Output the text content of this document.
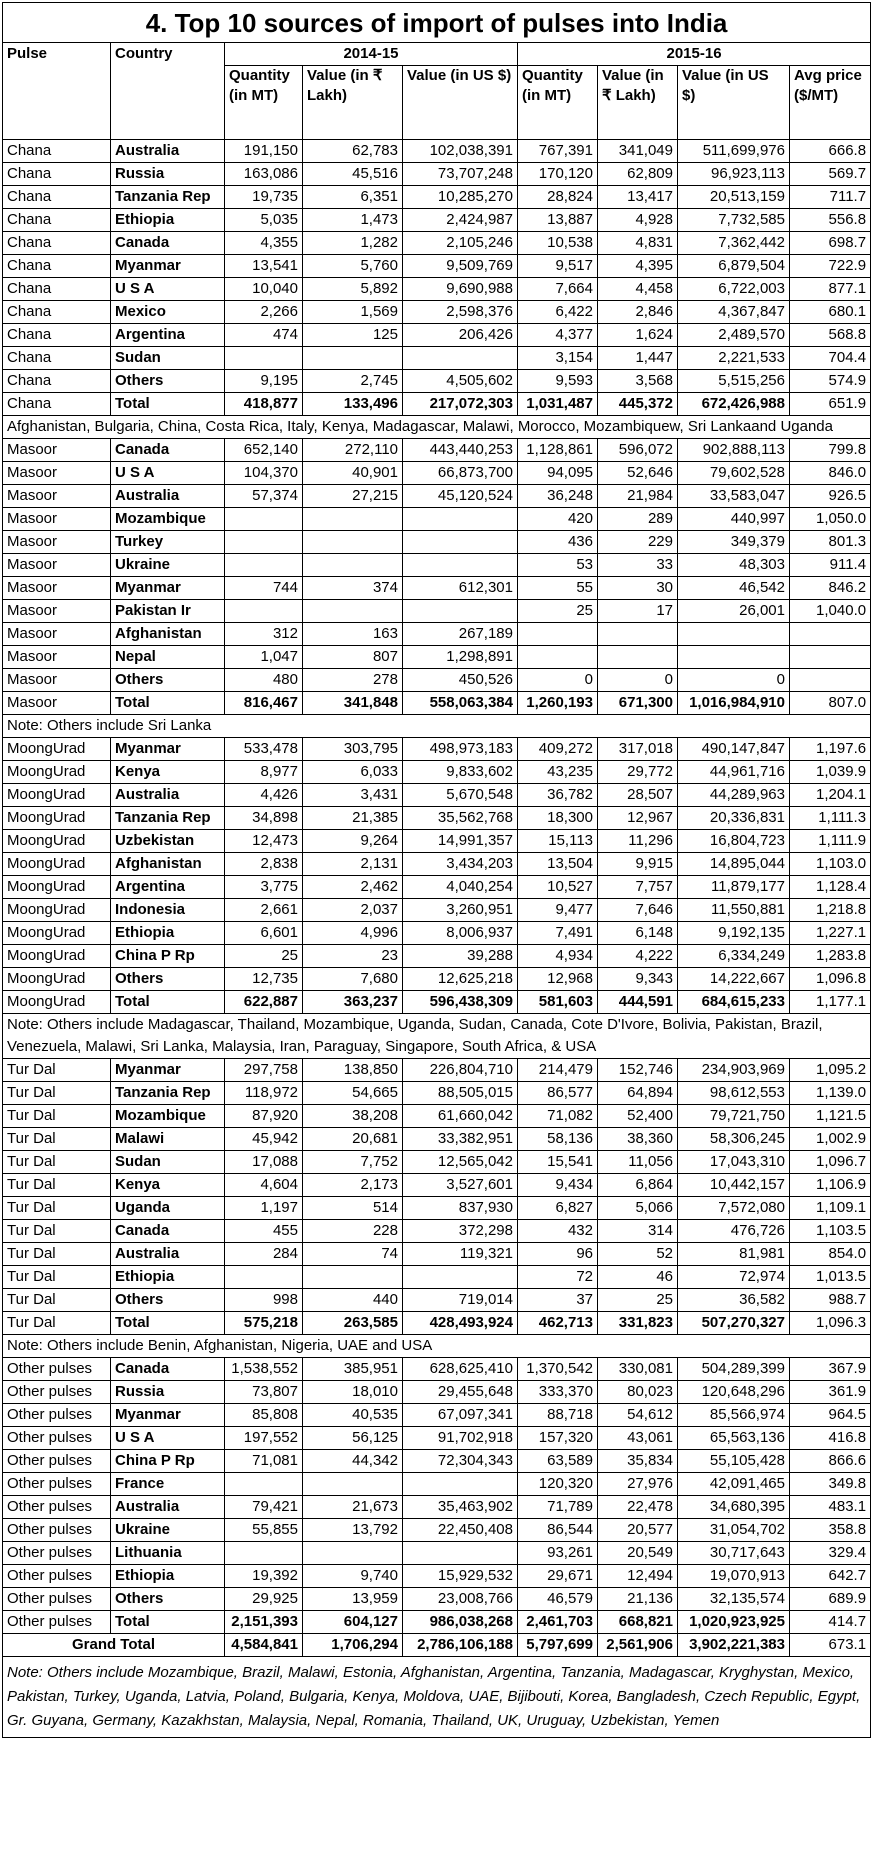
4. Top 10 sources of import of pulses into India								
Pulse	Country	2014-15			2015-16			
		Quantity (in MT)	Value (in ₹ Lakh)	Value (in US $)	Quantity (in MT)	Value (in ₹ Lakh)	Value (in US $)	Avg price ($/MT)

Chana	Australia	191,150	62,783	102,038,391	767,391	341,049	511,699,976	666.8
Chana	Russia	163,086	45,516	73,707,248	170,120	62,809	96,923,113	569.7
Chana	Tanzania Rep	19,735	6,351	10,285,270	28,824	13,417	20,513,159	711.7
Chana	Ethiopia	5,035	1,473	2,424,987	13,887	4,928	7,732,585	556.8
Chana	Canada	4,355	1,282	2,105,246	10,538	4,831	7,362,442	698.7
Chana	Myanmar	13,541	5,760	9,509,769	9,517	4,395	6,879,504	722.9
Chana	U S A	10,040	5,892	9,690,988	7,664	4,458	6,722,003	877.1
Chana	Mexico	2,266	1,569	2,598,376	6,422	2,846	4,367,847	680.1
Chana	Argentina	474	125	206,426	4,377	1,624	2,489,570	568.8
Chana	Sudan				3,154	1,447	2,221,533	704.4
Chana	Others	9,195	2,745	4,505,602	9,593	3,568	5,515,256	574.9
Chana	Total	418,877	133,496	217,072,303	1,031,487	445,372	672,426,988	651.9
Afghanistan, Bulgaria, China, Costa Rica, Italy, Kenya, Madagascar, Malawi, Morocco, Mozambiquew, Sri Lankaand Uganda								
Masoor	Canada	652,140	272,110	443,440,253	1,128,861	596,072	902,888,113	799.8
Masoor	U S A	104,370	40,901	66,873,700	94,095	52,646	79,602,528	846.0
Masoor	Australia	57,374	27,215	45,120,524	36,248	21,984	33,583,047	926.5
Masoor	Mozambique				420	289	440,997	1,050.0
Masoor	Turkey				436	229	349,379	801.3
Masoor	Ukraine				53	33	48,303	911.4
Masoor	Myanmar	744	374	612,301	55	30	46,542	846.2
Masoor	Pakistan Ir				25	17	26,001	1,040.0
Masoor	Afghanistan	312	163	267,189				
Masoor	Nepal	1,047	807	1,298,891				
Masoor	Others	480	278	450,526	0	0	0	
Masoor	Total	816,467	341,848	558,063,384	1,260,193	671,300	1,016,984,910	807.0
Note: Others include Sri Lanka								
MoongUrad	Myanmar	533,478	303,795	498,973,183	409,272	317,018	490,147,847	1,197.6
MoongUrad	Kenya	8,977	6,033	9,833,602	43,235	29,772	44,961,716	1,039.9
MoongUrad	Australia	4,426	3,431	5,670,548	36,782	28,507	44,289,963	1,204.1
MoongUrad	Tanzania Rep	34,898	21,385	35,562,768	18,300	12,967	20,336,831	1,111.3
MoongUrad	Uzbekistan	12,473	9,264	14,991,357	15,113	11,296	16,804,723	1,111.9
MoongUrad	Afghanistan	2,838	2,131	3,434,203	13,504	9,915	14,895,044	1,103.0
MoongUrad	Argentina	3,775	2,462	4,040,254	10,527	7,757	11,879,177	1,128.4
MoongUrad	Indonesia	2,661	2,037	3,260,951	9,477	7,646	11,550,881	1,218.8
MoongUrad	Ethiopia	6,601	4,996	8,006,937	7,491	6,148	9,192,135	1,227.1
MoongUrad	China P Rp	25	23	39,288	4,934	4,222	6,334,249	1,283.8
MoongUrad	Others	12,735	7,680	12,625,218	12,968	9,343	14,222,667	1,096.8
MoongUrad	Total	622,887	363,237	596,438,309	581,603	444,591	684,615,233	1,177.1
Note: Others include Madagascar, Thailand, Mozambique, Uganda, Sudan, Canada, Cote D'Ivore, Bolivia, Pakistan, Brazil, Venezuela, Malawi, Sri Lanka, Malaysia, Iran, Paraguay, Singapore, South Africa, & USA								
Tur Dal	Myanmar	297,758	138,850	226,804,710	214,479	152,746	234,903,969	1,095.2
Tur Dal	Tanzania Rep	118,972	54,665	88,505,015	86,577	64,894	98,612,553	1,139.0
Tur Dal	Mozambique	87,920	38,208	61,660,042	71,082	52,400	79,721,750	1,121.5
Tur Dal	Malawi	45,942	20,681	33,382,951	58,136	38,360	58,306,245	1,002.9
Tur Dal	Sudan	17,088	7,752	12,565,042	15,541	11,056	17,043,310	1,096.7
Tur Dal	Kenya	4,604	2,173	3,527,601	9,434	6,864	10,442,157	1,106.9
Tur Dal	Uganda	1,197	514	837,930	6,827	5,066	7,572,080	1,109.1
Tur Dal	Canada	455	228	372,298	432	314	476,726	1,103.5
Tur Dal	Australia	284	74	119,321	96	52	81,981	854.0
Tur Dal	Ethiopia				72	46	72,974	1,013.5
Tur Dal	Others	998	440	719,014	37	25	36,582	988.7
Tur Dal	Total	575,218	263,585	428,493,924	462,713	331,823	507,270,327	1,096.3
Note: Others include Benin, Afghanistan, Nigeria, UAE and USA								
Other pulses	Canada	1,538,552	385,951	628,625,410	1,370,542	330,081	504,289,399	367.9
Other pulses	Russia	73,807	18,010	29,455,648	333,370	80,023	120,648,296	361.9
Other pulses	Myanmar	85,808	40,535	67,097,341	88,718	54,612	85,566,974	964.5
Other pulses	U S A	197,552	56,125	91,702,918	157,320	43,061	65,563,136	416.8
Other pulses	China P Rp	71,081	44,342	72,304,343	63,589	35,834	55,105,428	866.6
Other pulses	France				120,320	27,976	42,091,465	349.8
Other pulses	Australia	79,421	21,673	35,463,902	71,789	22,478	34,680,395	483.1
Other pulses	Ukraine	55,855	13,792	22,450,408	86,544	20,577	31,054,702	358.8
Other pulses	Lithuania				93,261	20,549	30,717,643	329.4
Other pulses	Ethiopia	19,392	9,740	15,929,532	29,671	12,494	19,070,913	642.7
Other pulses	Others	29,925	13,959	23,008,766	46,579	21,136	32,135,574	689.9
Other pulses	Total	2,151,393	604,127	986,038,268	2,461,703	668,821	1,020,923,925	414.7
Grand Total		4,584,841	1,706,294	2,786,106,188	5,797,699	2,561,906	3,902,221,383	673.1
Note: Others include Mozambique, Brazil, Malawi, Estonia, Afghanistan, Argentina, Tanzania, Madagascar, Kryghystan, Mexico, Pakistan, Turkey, Uganda, Latvia, Poland, Bulgaria, Kenya, Moldova, UAE, Bijibouti, Korea, Bangladesh, Czech Republic, Egypt, Gr. Guyana, Germany, Kazakhstan, Malaysia, Nepal, Romania, Thailand, UK, Uruguay, Uzbekistan, Yemen								
